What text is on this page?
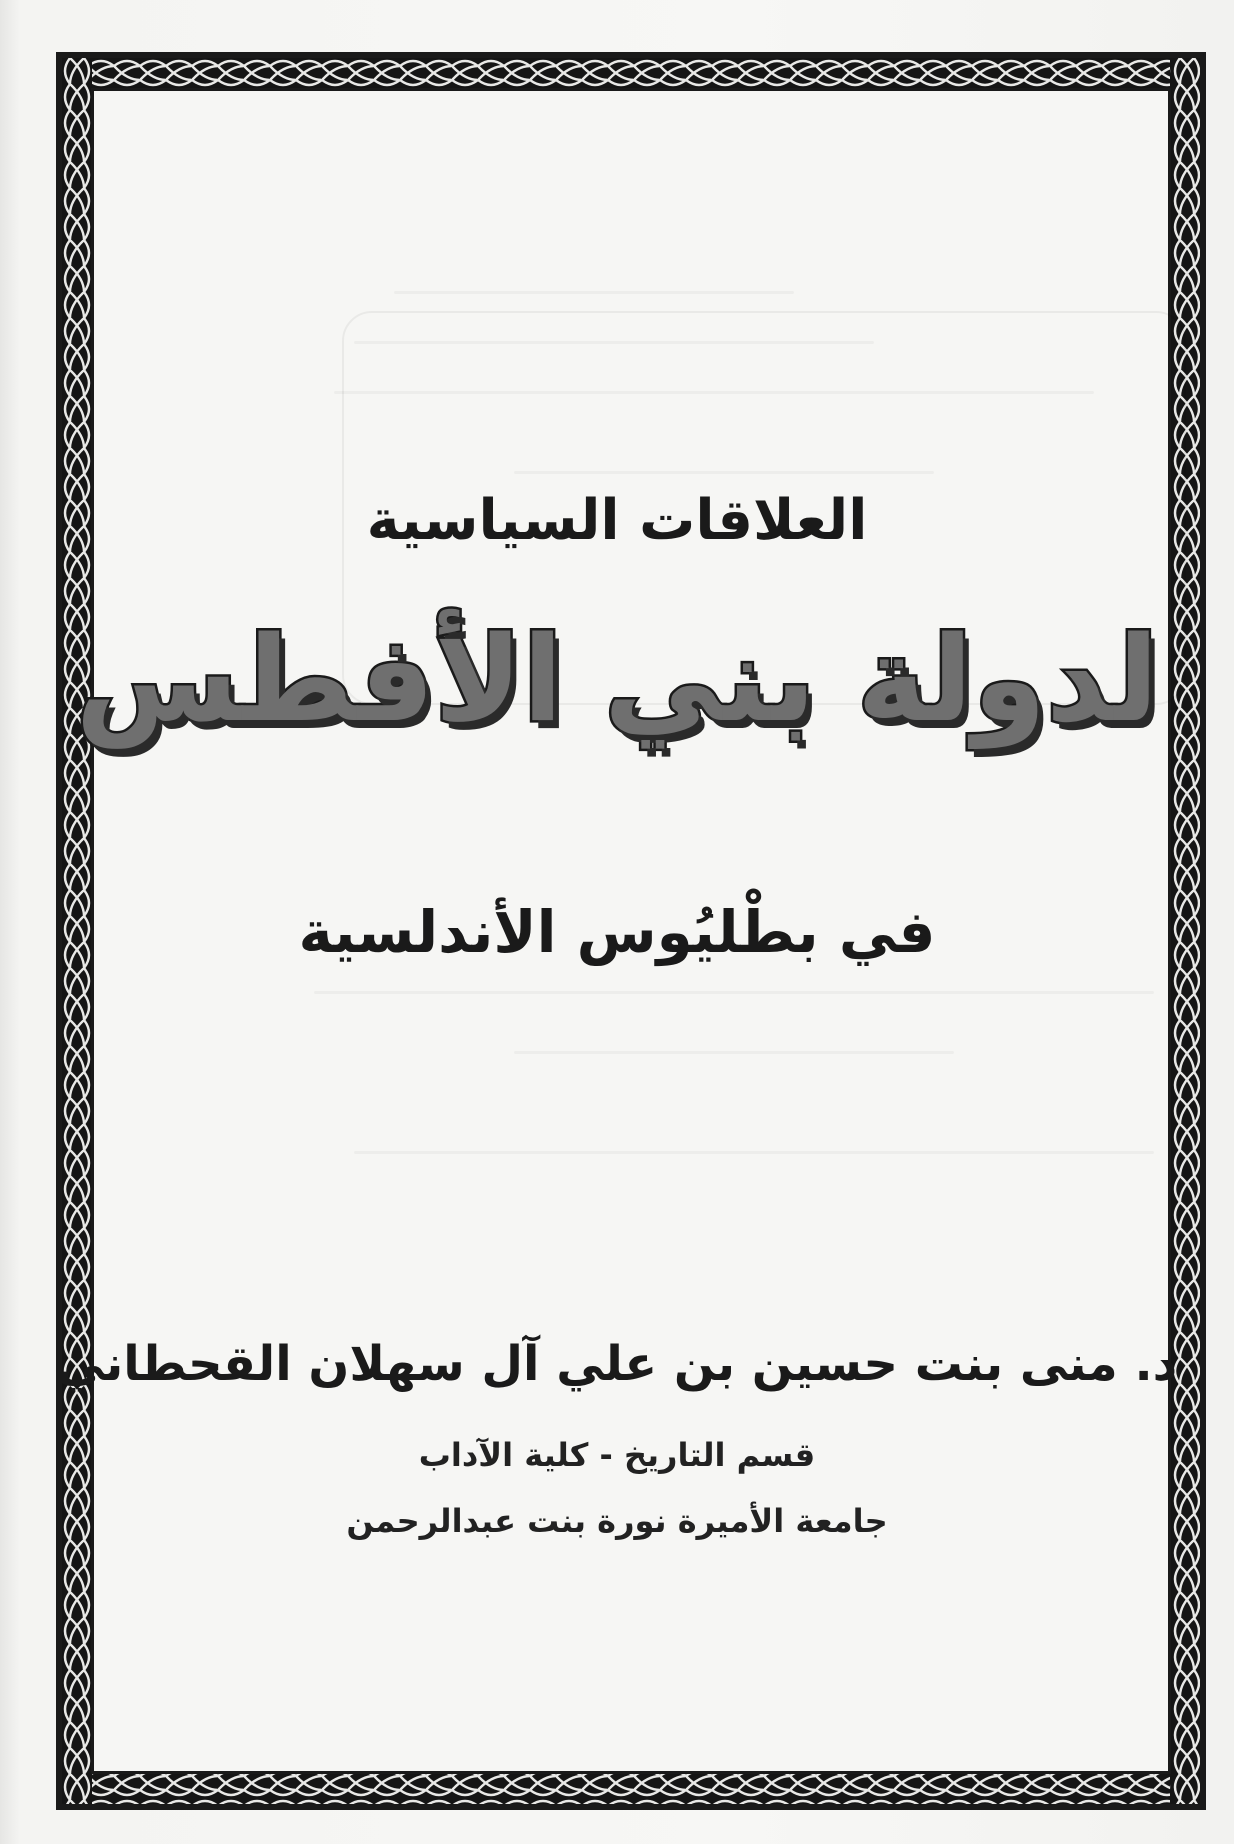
العلاقات السياسية
لدولة بني الأفطس
في بطْليُوس الأندلسية
د. منى بنت حسين بن علي آل سهلان القحطاني
قسم التاريخ - كلية الآداب
جامعة الأميرة نورة بنت عبدالرحمن
